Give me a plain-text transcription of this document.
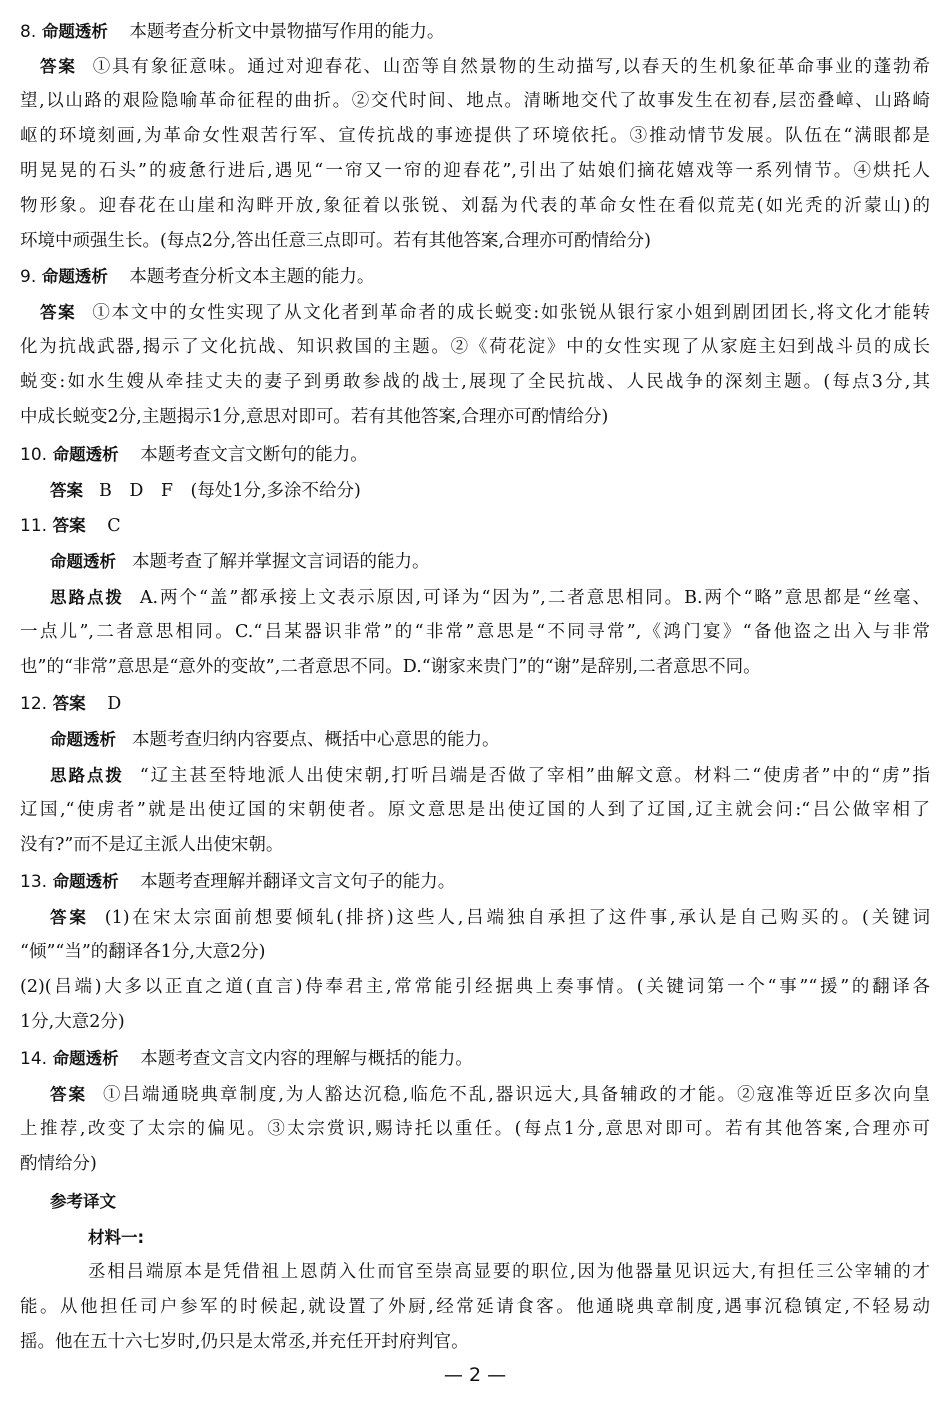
8. 命题透析 本题考查分析文中景物描写作用的能力。
答案 ①具有象征意味。通过对迎春花、山峦等自然景物的生动描写,以春天的生机象征革命事业的蓬勃希
望,以山路的艰险隐喻革命征程的曲折。②交代时间、地点。清晰地交代了故事发生在初春,层峦叠嶂、山路崎
岖的环境刻画,为革命女性艰苦行军、宣传抗战的事迹提供了环境依托。③推动情节发展。队伍在“满眼都是
明晃晃的石头”的疲惫行进后,遇见“一帘又一帘的迎春花”,引出了姑娘们摘花嬉戏等一系列情节。④烘托人
物形象。迎春花在山崖和沟畔开放,象征着以张锐、刘磊为代表的革命女性在看似荒芜(如光秃的沂蒙山)的
环境中顽强生长。(每点2分,答出任意三点即可。若有其他答案,合理亦可酌情给分)
9. 命题透析 本题考查分析文本主题的能力。
答案 ①本文中的女性实现了从文化者到革命者的成长蜕变:如张锐从银行家小姐到剧团团长,将文化才能转
化为抗战武器,揭示了文化抗战、知识救国的主题。②《荷花淀》中的女性实现了从家庭主妇到战斗员的成长
蜕变:如水生嫂从牵挂丈夫的妻子到勇敢参战的战士,展现了全民抗战、人民战争的深刻主题。(每点3分,其
中成长蜕变2分,主题揭示1分,意思对即可。若有其他答案,合理亦可酌情给分)
10. 命题透析 本题考查文言文断句的能力。
答案 B　D　F　(每处1分,多涂不给分)
11. 答案 C
命题透析 本题考查了解并掌握文言词语的能力。
思路点拨 A.两个“盖”都承接上文表示原因,可译为“因为”,二者意思相同。B.两个“略”意思都是“丝毫、
一点儿”,二者意思相同。C.“吕某器识非常”的“非常”意思是“不同寻常”,《鸿门宴》“备他盗之出入与非常
也”的“非常”意思是“意外的变故”,二者意思不同。D.“谢家来贵门”的“谢”是辞别,二者意思不同。
12. 答案 D
命题透析 本题考查归纳内容要点、概括中心意思的能力。
思路点拨 “辽主甚至特地派人出使宋朝,打听吕端是否做了宰相”曲解文意。材料二“使虏者”中的“虏”指
辽国,“使虏者”就是出使辽国的宋朝使者。原文意思是出使辽国的人到了辽国,辽主就会问:“吕公做宰相了
没有?”而不是辽主派人出使宋朝。
13. 命题透析 本题考查理解并翻译文言文句子的能力。
答案 (1)在宋太宗面前想要倾轧(排挤)这些人,吕端独自承担了这件事,承认是自己购买的。(关键词
“倾”“当”的翻译各1分,大意2分)
(2)(吕端)大多以正直之道(直言)侍奉君主,常常能引经据典上奏事情。(关键词第一个“事”“援”的翻译各
1分,大意2分)
14. 命题透析 本题考查文言文内容的理解与概括的能力。
答案 ①吕端通晓典章制度,为人豁达沉稳,临危不乱,器识远大,具备辅政的才能。②寇准等近臣多次向皇
上推荐,改变了太宗的偏见。③太宗赏识,赐诗托以重任。(每点1分,意思对即可。若有其他答案,合理亦可
酌情给分)
参考译文
材料一:
丞相吕端原本是凭借祖上恩荫入仕而官至崇高显要的职位,因为他器量见识远大,有担任三公宰辅的才
能。从他担任司户参军的时候起,就设置了外厨,经常延请食客。他通晓典章制度,遇事沉稳镇定,不轻易动
摇。他在五十六七岁时,仍只是太常丞,并充任开封府判官。
— 2 —
